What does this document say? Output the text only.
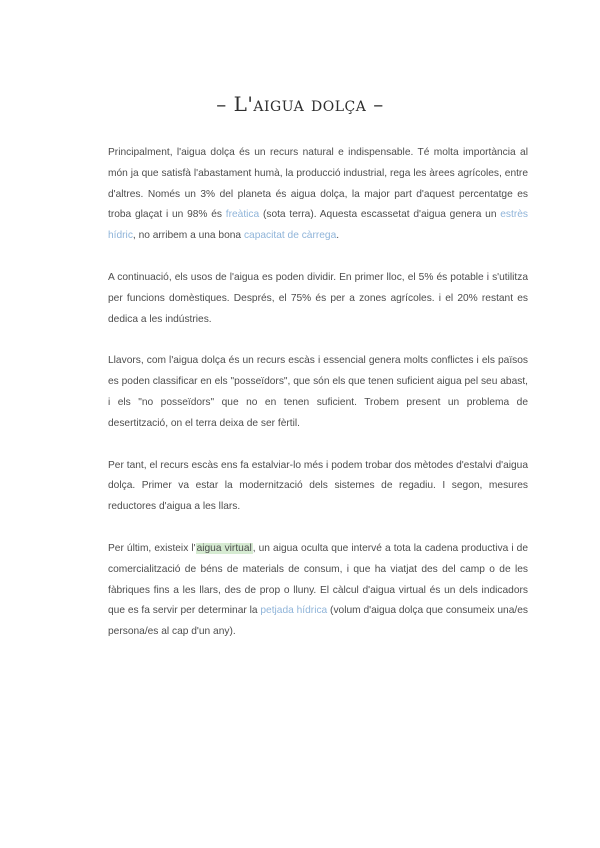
– L'aigua dolça –

Principalment, l'aigua dolça és un recurs natural e indispensable. Té molta importància al món ja que satisfà l'abastament humà, la producció industrial, rega les àrees agrícoles, entre d'altres. Només un 3% del planeta és aigua dolça, la major part d'aquest percentatge es troba glaçat i un 98% és freàtica (sota terra). Aquesta escassetat d'aigua genera un estrès hídric, no arribem a una bona capacitat de càrrega.

A continuació, els usos de l'aigua es poden dividir. En primer lloc, el 5% és potable i s'utilitza per funcions domèstiques. Després, el 75% és per a zones agrícoles. i el 20% restant es dedica a les indústries.

Llavors, com l'aigua dolça és un recurs escàs i essencial genera molts conflictes i els països es poden classificar en els "posseïdors", que són els que tenen suficient aigua pel seu abast, i els "no posseïdors" que no en tenen suficient. Trobem present un problema de desertització, on el terra deixa de ser fèrtil.

Per tant, el recurs escàs ens fa estalviar-lo més i podem trobar dos mètodes d'estalvi d'aigua dolça. Primer va estar la modernització dels sistemes de regadiu. I segon, mesures reductores d'aigua a les llars.

Per últim, existeix l'aigua virtual, un aigua oculta que intervé a tota la cadena productiva i de comercialització de béns de materials de consum, i que ha viatjat des del camp o de les fàbriques fins a les llars, des de prop o lluny. El càlcul d'aigua virtual és un dels indicadors que es fa servir per determinar la petjada hídrica (volum d'aigua dolça que consumeix una/es persona/es al cap d'un any).
